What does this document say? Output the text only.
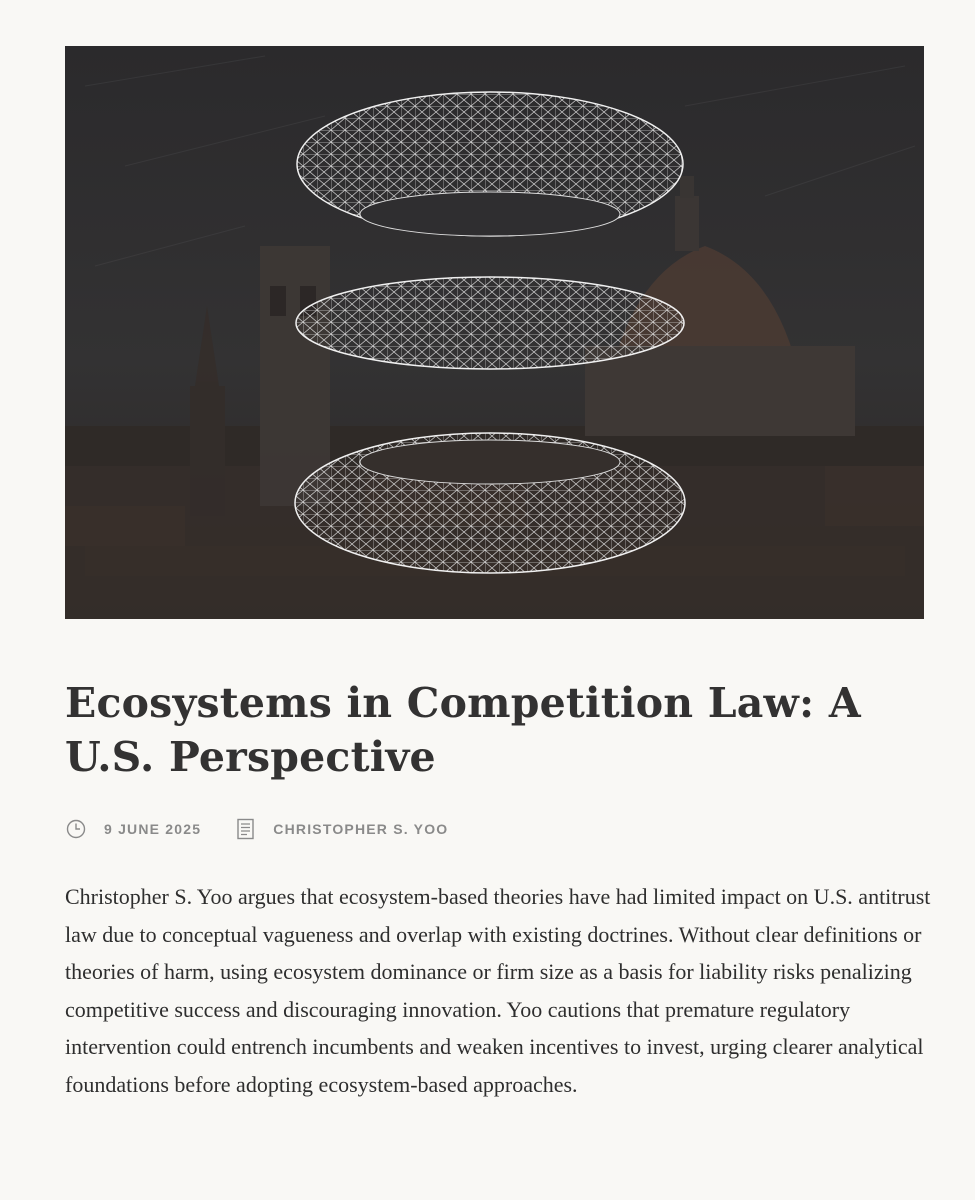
Ecosystems in Competition Law: A U.S. Perspective
9 JUNE 2025	CHRISTOPHER S. YOO

Christopher S. Yoo argues that ecosystem-based theories have had limited impact on U.S. antitrust law due to conceptual vagueness and overlap with existing doctrines. Without clear definitions or theories of harm, using ecosystem dominance or firm size as a basis for liability risks penalizing competitive success and discouraging innovation. Yoo cautions that premature regulatory intervention could entrench incumbents and weaken incentives to invest, urging clearer analytical foundations before adopting ecosystem-based approaches.
